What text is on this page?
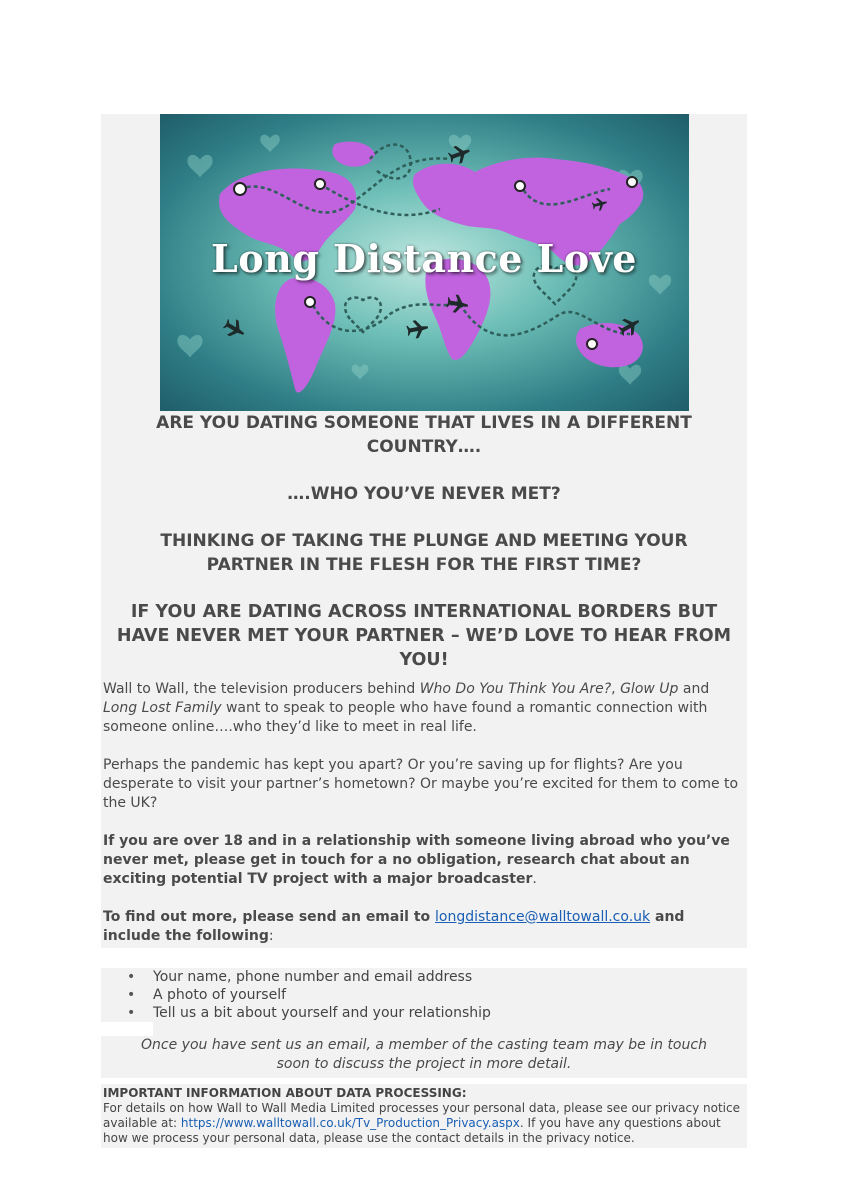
Long Distance Love

ARE YOU DATING SOMEONE THAT LIVES IN A DIFFERENT COUNTRY….

….WHO YOU’VE NEVER MET?

THINKING OF TAKING THE PLUNGE AND MEETING YOUR PARTNER IN THE FLESH FOR THE FIRST TIME?

IF YOU ARE DATING ACROSS INTERNATIONAL BORDERS BUT HAVE NEVER MET YOUR PARTNER – WE’D LOVE TO HEAR FROM YOU!

Wall to Wall, the television producers behind Who Do You Think You Are?, Glow Up and Long Lost Family want to speak to people who have found a romantic connection with someone online….who they’d like to meet in real life.

Perhaps the pandemic has kept you apart? Or you’re saving up for flights? Are you desperate to visit your partner’s hometown? Or maybe you’re excited for them to come to the UK?

If you are over 18 and in a relationship with someone living abroad who you’ve never met, please get in touch for a no obligation, research chat about an exciting potential TV project with a major broadcaster.

To find out more, please send an email to longdistance@walltowall.co.uk and include the following:

• Your name, phone number and email address
• A photo of yourself
• Tell us a bit about yourself and your relationship

Once you have sent us an email, a member of the casting team may be in touch soon to discuss the project in more detail.

IMPORTANT INFORMATION ABOUT DATA PROCESSING:

For details on how Wall to Wall Media Limited processes your personal data, please see our privacy notice available at: https://www.walltowall.co.uk/Tv_Production_Privacy.aspx. If you have any questions about how we process your personal data, please use the contact details in the privacy notice.
